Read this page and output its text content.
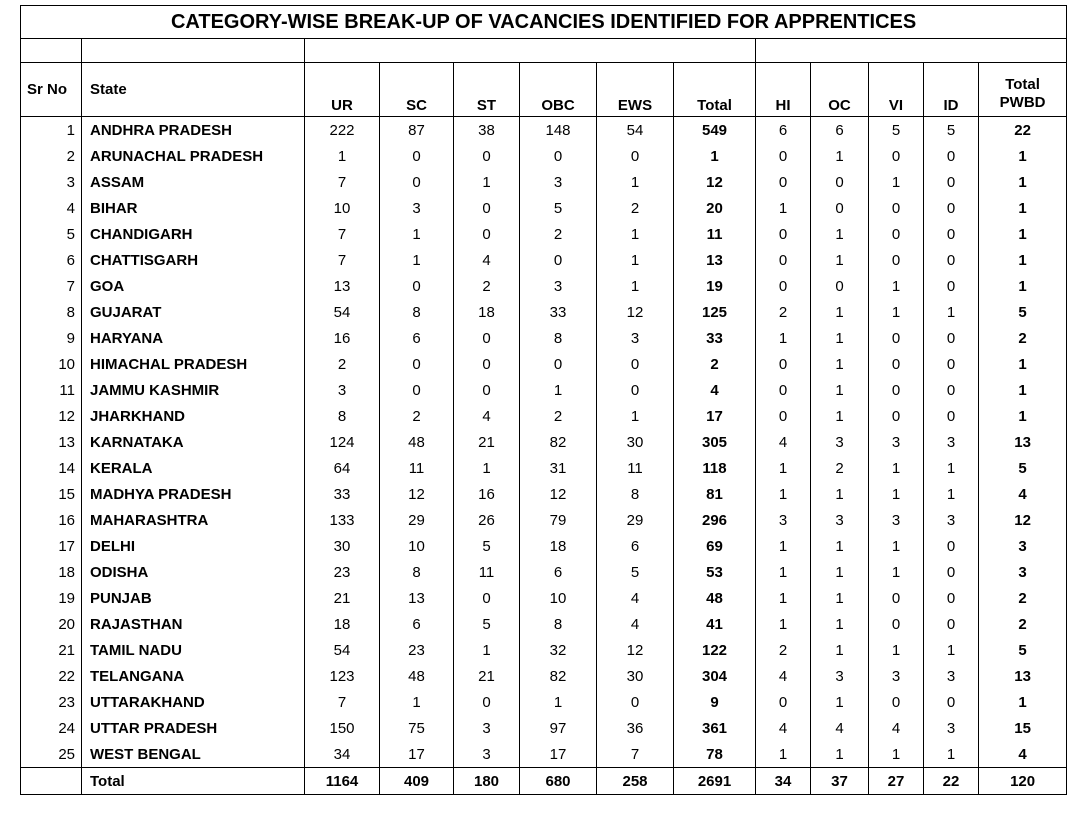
CATEGORY-WISE BREAK-UP OF VACANCIES IDENTIFIED FOR APPRENTICES												

Sr No	State	UR	SC	ST	OBC	EWS	Total	HI	OC	VI	ID	Total
PWBD
1	ANDHRA PRADESH	222	87	38	148	54	549	6	6	5	5	22
2	ARUNACHAL PRADESH	1	0	0	0	0	1	0	1	0	0	1
3	ASSAM	7	0	1	3	1	12	0	0	1	0	1
4	BIHAR	10	3	0	5	2	20	1	0	0	0	1
5	CHANDIGARH	7	1	0	2	1	11	0	1	0	0	1
6	CHATTISGARH	7	1	4	0	1	13	0	1	0	0	1
7	GOA	13	0	2	3	1	19	0	0	1	0	1
8	GUJARAT	54	8	18	33	12	125	2	1	1	1	5
9	HARYANA	16	6	0	8	3	33	1	1	0	0	2
10	HIMACHAL PRADESH	2	0	0	0	0	2	0	1	0	0	1
11	JAMMU KASHMIR	3	0	0	1	0	4	0	1	0	0	1
12	JHARKHAND	8	2	4	2	1	17	0	1	0	0	1
13	KARNATAKA	124	48	21	82	30	305	4	3	3	3	13
14	KERALA	64	11	1	31	11	118	1	2	1	1	5
15	MADHYA PRADESH	33	12	16	12	8	81	1	1	1	1	4
16	MAHARASHTRA	133	29	26	79	29	296	3	3	3	3	12
17	DELHI	30	10	5	18	6	69	1	1	1	0	3
18	ODISHA	23	8	11	6	5	53	1	1	1	0	3
19	PUNJAB	21	13	0	10	4	48	1	1	0	0	2
20	RAJASTHAN	18	6	5	8	4	41	1	1	0	0	2
21	TAMIL NADU	54	23	1	32	12	122	2	1	1	1	5
22	TELANGANA	123	48	21	82	30	304	4	3	3	3	13
23	UTTARAKHAND	7	1	0	1	0	9	0	1	0	0	1
24	UTTAR PRADESH	150	75	3	97	36	361	4	4	4	3	15
25	WEST BENGAL	34	17	3	17	7	78	1	1	1	1	4
	Total	1164	409	180	680	258	2691	34	37	27	22	120
